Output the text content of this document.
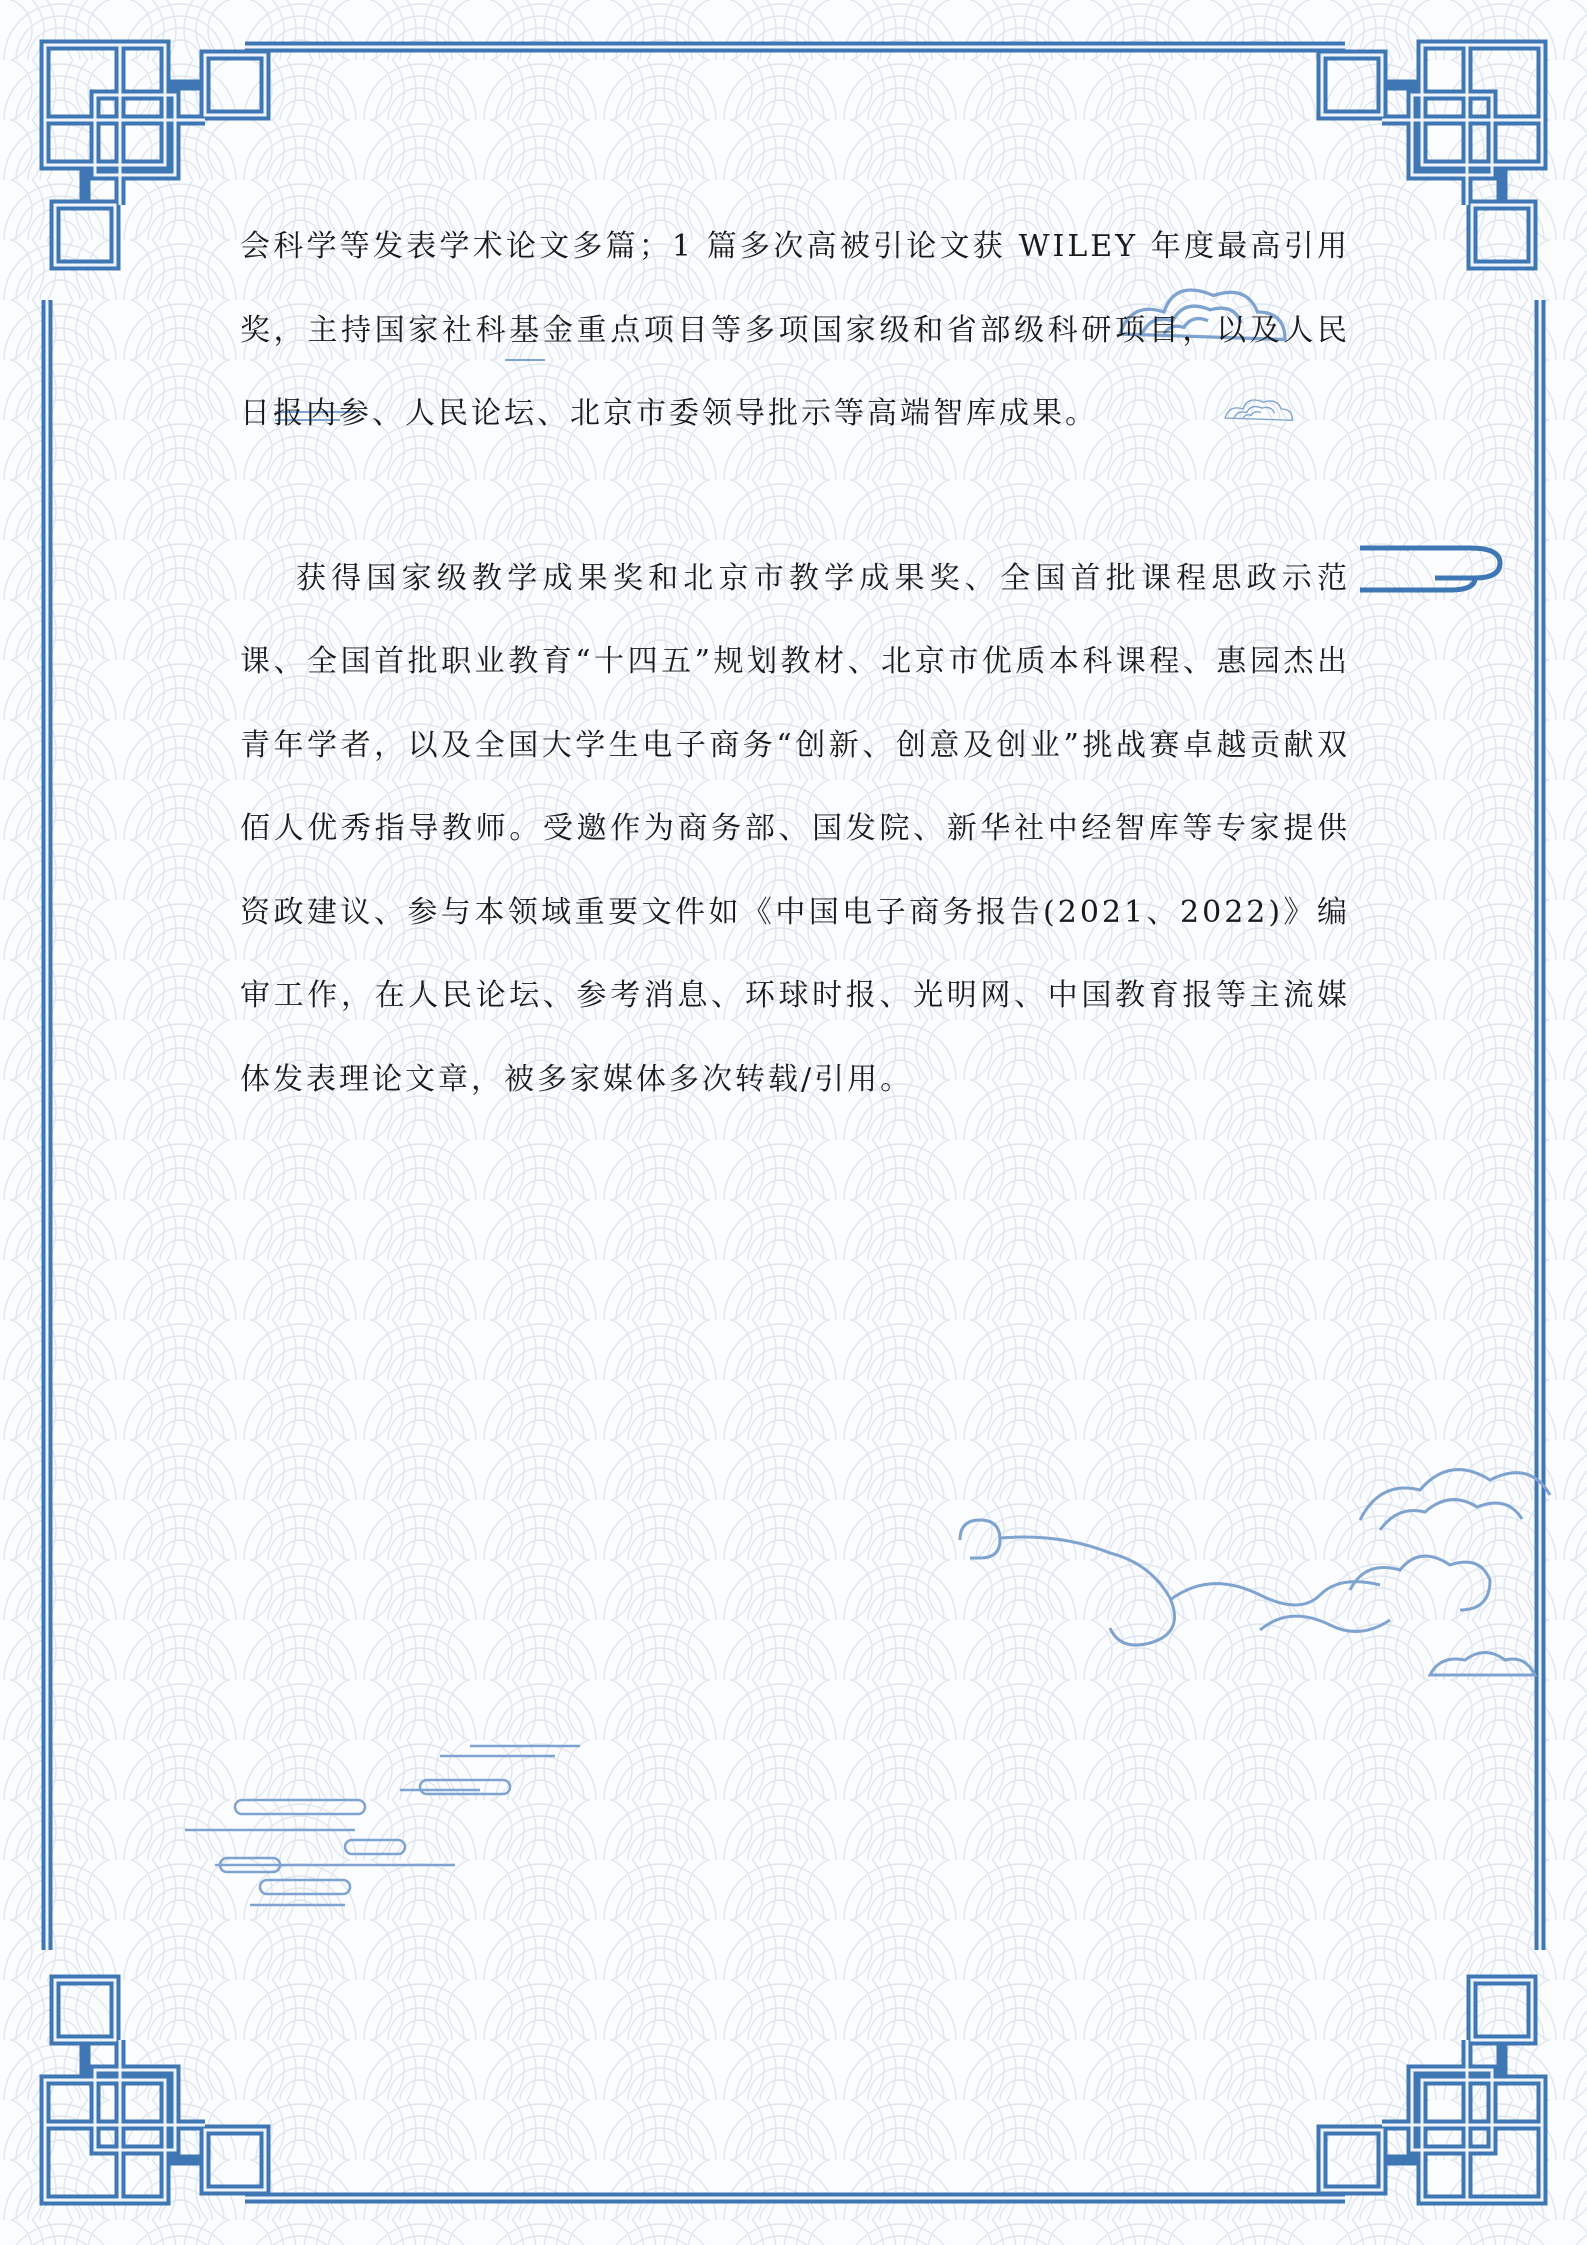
会科学等发表学术论文多篇；1 篇多次高被引论文获 WILEY 年度最高引用奖，主持国家社科基金重点项目等多项国家级和省部级科研项目，以及人民日报内参、人民论坛、北京市委领导批示等高端智库成果。

获得国家级教学成果奖和北京市教学成果奖、全国首批课程思政示范课、全国首批职业教育“十四五”规划教材、北京市优质本科课程、惠园杰出青年学者，以及全国大学生电子商务“创新、创意及创业”挑战赛卓越贡献双佰人优秀指导教师。受邀作为商务部、国发院、新华社中经智库等专家提供资政建议、参与本领域重要文件如《中国电子商务报告(2021、2022)》编审工作，在人民论坛、参考消息、环球时报、光明网、中国教育报等主流媒体发表理论文章，被多家媒体多次转载/引用。
